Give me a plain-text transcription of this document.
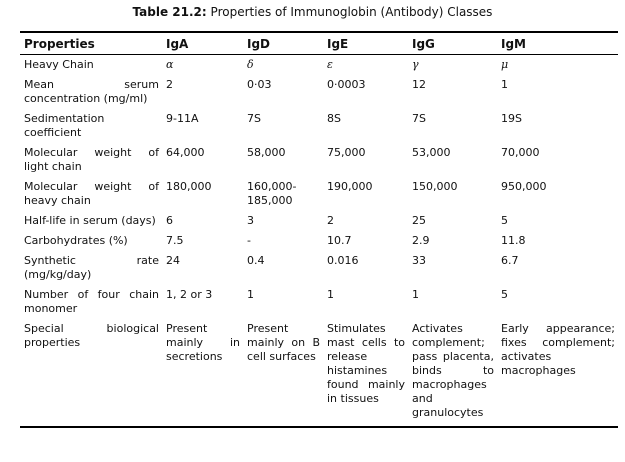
Table 21.2: Properties of Immunoglobin (Antibody) Classes
Properties	IgA	IgD	IgE	IgG	IgM
Heavy Chain	α	δ	ε	γ	μ
Mean serum concentration (mg/ml)	2	0·03	0·0003	12	1
Sedimentation coefficient	9-11A	7S	8S	7S	19S
Molecular weight of light chain	64,000	58,000	75,000	53,000	70,000
Molecular weight of heavy chain	180,000	160,000-185,000	190,000	150,000	950,000
Half-life in serum (days)	6	3	2	25	5
Carbohydrates (%)	7.5	-	10.7	2.9	11.8
Synthetic rate (mg/kg/day)	24	0.4	0.016	33	6.7
Number of four chain monomer	1, 2 or 3	1	1	1	5
Special biological properties	Present mainly in secretions	Present mainly on B cell surfaces	Stimulates mast cells to release histamines found mainly in tissues	Activates complement; pass placenta, binds to macrophages and granulocytes	Early appearance; fixes complement; activates macrophages
